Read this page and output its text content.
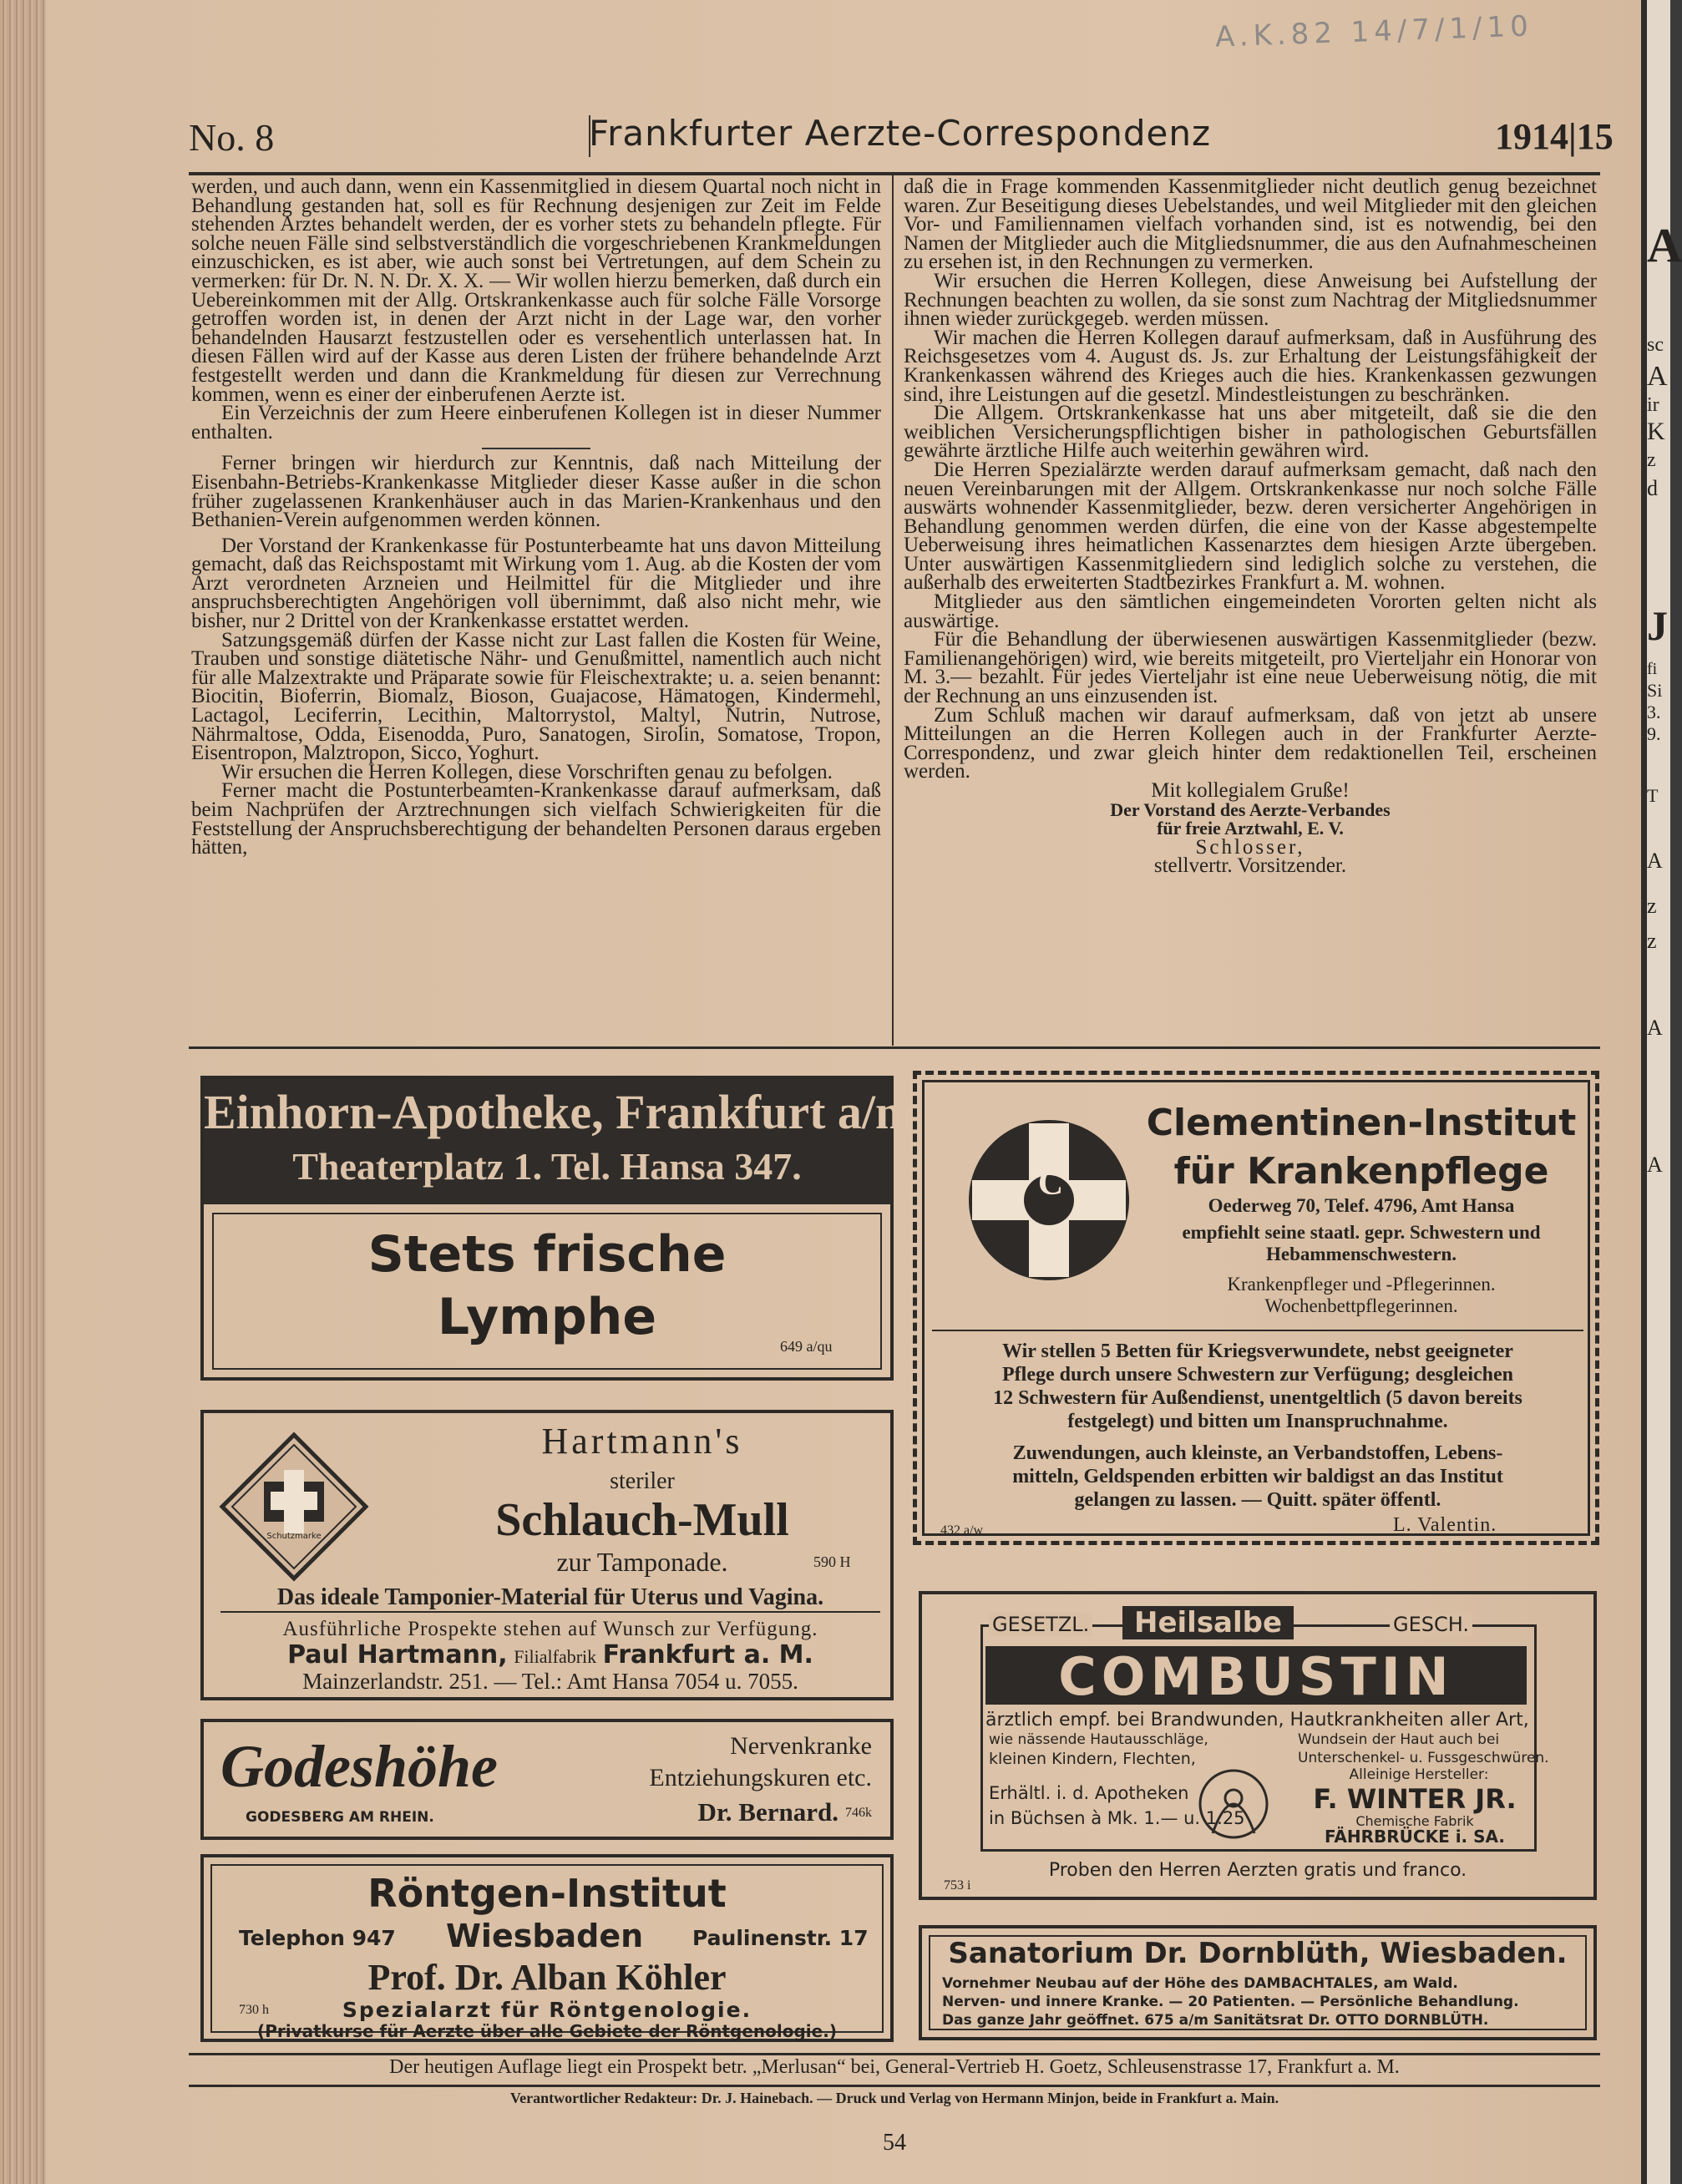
A.K.82 14/7/1/10
No. 8	Frankfurter Aerzte-Correspondenz	1914|15

werden, und auch dann, wenn ein Kassenmitglied in diesem Quartal noch nicht in Behandlung gestanden hat, soll es für Rechnung desjenigen zur Zeit im Felde stehenden Arztes behandelt werden, der es vorher stets zu behandeln pflegte. Für solche neuen Fälle sind selbstverständlich die vorgeschriebenen Krankmeldungen einzuschicken, es ist aber, wie auch sonst bei Vertretungen, auf dem Schein zu vermerken: für Dr. N. N. Dr. X. X. — Wir wollen hierzu bemerken, daß durch ein Uebereinkommen mit der Allg. Ortskrankenkasse auch für solche Fälle Vorsorge getroffen worden ist, in denen der Arzt nicht in der Lage war, den vorher behandelnden Hausarzt festzustellen oder es versehentlich unterlassen hat. In diesen Fällen wird auf der Kasse aus deren Listen der frühere behandelnde Arzt festgestellt werden und dann die Krankmeldung für diesen zur Verrechnung kommen, wenn es einer der einberufenen Aerzte ist.

Ein Verzeichnis der zum Heere einberufenen Kollegen ist in dieser Nummer enthalten.

Ferner bringen wir hierdurch zur Kenntnis, daß nach Mitteilung der Eisenbahn-Betriebs-Krankenkasse Mitglieder dieser Kasse außer in die schon früher zugelassenen Krankenhäuser auch in das Marien-Krankenhaus und den Bethanien-Verein aufgenommen werden können.

Der Vorstand der Krankenkasse für Postunterbeamte hat uns davon Mitteilung gemacht, daß das Reichspostamt mit Wirkung vom 1. Aug. ab die Kosten der vom Arzt verordneten Arzneien und Heilmittel für die Mitglieder und ihre anspruchsberechtigten Angehörigen voll übernimmt, daß also nicht mehr, wie bisher, nur 2 Drittel von der Krankenkasse erstattet werden.

Satzungsgemäß dürfen der Kasse nicht zur Last fallen die Kosten für Weine, Trauben und sonstige diätetische Nähr- und Genußmittel, namentlich auch nicht für alle Malzextrakte und Präparate sowie für Fleischextrakte; u. a. seien benannt: Biocitin, Bioferrin, Biomalz, Bioson, Guajacose, Hämatogen, Kindermehl, Lactagol, Leciferrin, Lecithin, Maltorrystol, Maltyl, Nutrin, Nutrose, Nährmaltose, Odda, Eisenodda, Puro, Sanatogen, Sirolin, Somatose, Tropon, Eisentropon, Malztropon, Sicco, Yoghurt.

Wir ersuchen die Herren Kollegen, diese Vorschriften genau zu befolgen.

Ferner macht die Postunterbeamten-Krankenkasse darauf aufmerksam, daß beim Nachprüfen der Arztrechnungen sich vielfach Schwierigkeiten für die Feststellung der Anspruchsberechtigung der behandelten Personen daraus ergeben hätten,

daß die in Frage kommenden Kassenmitglieder nicht deutlich genug bezeichnet waren. Zur Beseitigung dieses Uebelstandes, und weil Mitglieder mit den gleichen Vor- und Familiennamen vielfach vorhanden sind, ist es notwendig, bei den Namen der Mitglieder auch die Mitgliedsnummer, die aus den Aufnahmescheinen zu ersehen ist, in den Rechnungen zu vermerken.

Wir ersuchen die Herren Kollegen, diese Anweisung bei Aufstellung der Rechnungen beachten zu wollen, da sie sonst zum Nachtrag der Mitgliedsnummer ihnen wieder zurückgegeb. werden müssen.

Wir machen die Herren Kollegen darauf aufmerksam, daß in Ausführung des Reichsgesetzes vom 4. August ds. Js. zur Erhaltung der Leistungsfähigkeit der Krankenkassen während des Krieges auch die hies. Krankenkassen gezwungen sind, ihre Leistungen auf die gesetzl. Mindestleistungen zu beschränken.

Die Allgem. Ortskrankenkasse hat uns aber mitgeteilt, daß sie die den weiblichen Versicherungspflichtigen bisher in pathologischen Geburtsfällen gewährte ärztliche Hilfe auch weiterhin gewähren wird.

Die Herren Spezialärzte werden darauf aufmerksam gemacht, daß nach den neuen Vereinbarungen mit der Allgem. Ortskrankenkasse nur noch solche Fälle auswärts wohnender Kassenmitglieder, bezw. deren versicherter Angehörigen in Behandlung genommen werden dürfen, die eine von der Kasse abgestempelte Ueberweisung ihres heimatlichen Kassenarztes dem hiesigen Arzte übergeben. Unter auswärtigen Kassenmitgliedern sind lediglich solche zu verstehen, die außerhalb des erweiterten Stadtbezirkes Frankfurt a. M. wohnen.

Mitglieder aus den sämtlichen eingemeindeten Vororten gelten nicht als auswärtige.

Für die Behandlung der überwiesenen auswärtigen Kassenmitglieder (bezw. Familienangehörigen) wird, wie bereits mitgeteilt, pro Vierteljahr ein Honorar von M. 3.— bezahlt. Für jedes Vierteljahr ist eine neue Ueberweisung nötig, die mit der Rechnung an uns einzusenden ist.

Zum Schluß machen wir darauf aufmerksam, daß von jetzt ab unsere Mitteilungen an die Herren Kollegen auch in der Frankfurter Aerzte-Correspondenz, und zwar gleich hinter dem redaktionellen Teil, erscheinen werden.

Mit kollegialem Gruße!

Der Vorstand des Aerzte-Verbandes

für freie Arztwahl, E. V.

Schlosser,

stellvertr. Vorsitzender.

Einhorn-Apotheke, Frankfurt a/m
Theaterplatz 1. Tel. Hansa 347.
Stets frische
Lymphe	649 a/qu
Schutzmarke
Hartmann's
steriler
Schlauch-Mull
zur Tamponade.	590 H
Das ideale Tamponier-Material für Uterus und Vagina.
Ausführliche Prospekte stehen auf Wunsch zur Verfügung.
Paul Hartmann, Filialfabrik Frankfurt a. M.
Mainzerlandstr. 251. — Tel.: Amt Hansa 7054 u. 7055.
Godeshöhe
GODESBERG AM RHEIN.
Nervenkranke
Entziehungskuren etc.
Dr. Bernard. 746k
Röntgen-Institut
Telephon 947 Wiesbaden Paulinenstr. 17
Prof. Dr. Alban Köhler
Spezialarzt für Röntgenologie.
730 h
(Privatkurse für Aerzte über alle Gebiete der Röntgenologie.)
C
Clementinen-Institut
für Krankenpflege
Oederweg 70, Telef. 4796, Amt Hansa
empfiehlt seine staatl. gepr. Schwestern und
Hebammenschwestern.
Krankenpfleger und -Pflegerinnen.
Wochenbettpflegerinnen.
Wir stellen 5 Betten für Kriegsverwundete, nebst geeigneter
Pflege durch unsere Schwestern zur Verfügung; desgleichen
12 Schwestern für Außendienst, unentgeltlich (5 davon bereits
festgelegt) und bitten um Inanspruchnahme.
Zuwendungen, auch kleinste, an Verbandstoffen, Lebens-
mitteln, Geldspenden erbitten wir baldigst an das Institut
gelangen zu lassen. — Quitt. später öffentl.
432 a/w	L. Valentin.
GESETZL.	Heilsalbe	GESCH.
COMBUSTIN
ärztlich empf. bei Brandwunden, Hautkrankheiten aller Art,
wie nässende Hautausschläge,	Wundsein der Haut auch bei
kleinen Kindern, Flechten,	Unterschenkel- u. Fussgeschwüren.
Erhältl. i. d. Apotheken
in Büchsen à Mk. 1.— u. 1.25
Alleinige Hersteller:
F. WINTER JR.
Chemische Fabrik
FÄHRBRÜCKE i. SA.
Proben den Herren Aerzten gratis und franco.
753 i
Sanatorium Dr. Dornblüth, Wiesbaden.
Vornehmer Neubau auf der Höhe des DAMBACHTALES, am Wald.
Nerven- und innere Kranke. — 20 Patienten. — Persönliche Behandlung.
Das ganze Jahr geöffnet. 675 a/m Sanitätsrat Dr. OTTO DORNBLÜTH.
Der heutigen Auflage liegt ein Prospekt betr. „Merlusan“ bei, General-Vertrieb H. Goetz, Schleusenstrasse 17, Frankfurt a. M.
Verantwortlicher Redakteur: Dr. J. Hainebach. — Druck und Verlag von Hermann Minjon, beide in Frankfurt a. Main.
54
A
sc
A
ir
K
z
d
J
fi
Si
3.
9.
T
A
z
z
A
A
